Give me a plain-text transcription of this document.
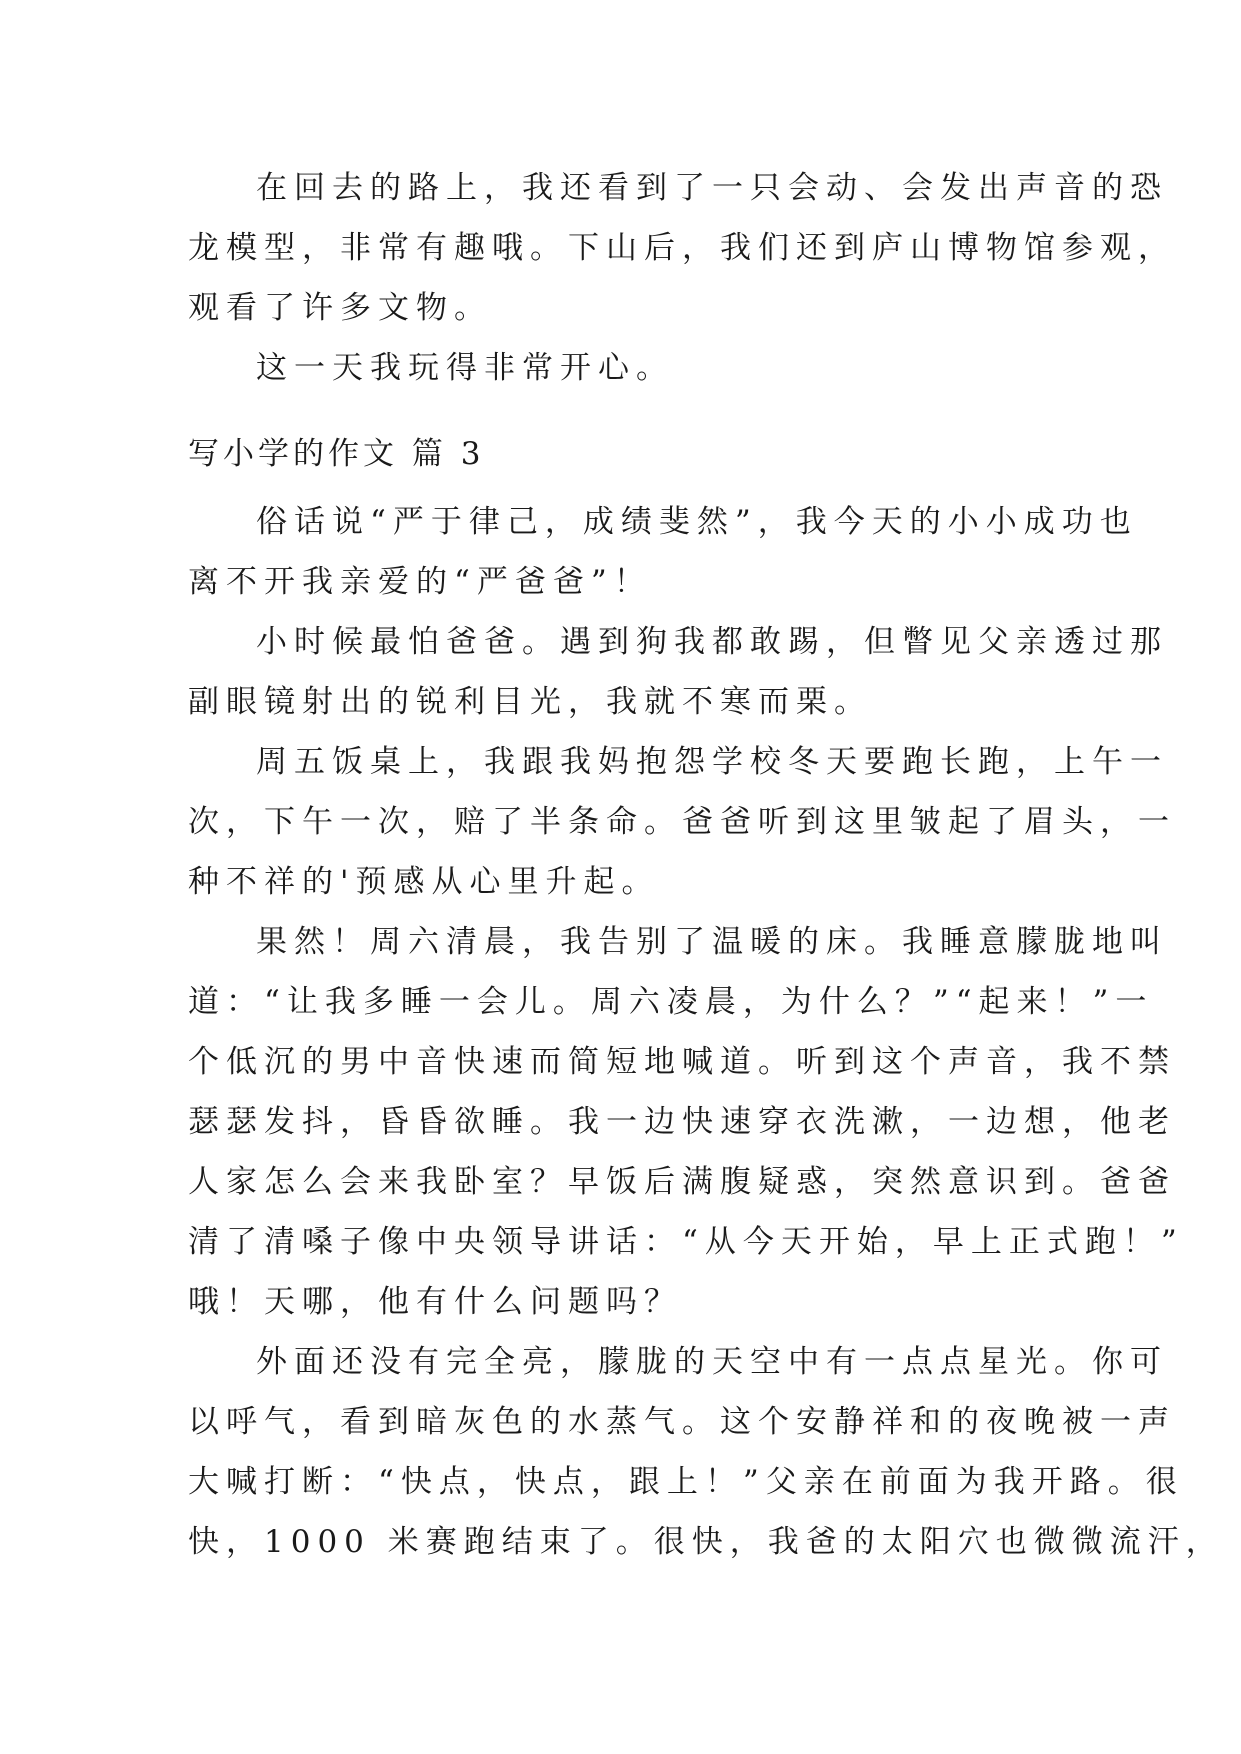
在回去的路上，我还看到了一只会动、会发出声音的恐
龙模型，非常有趣哦。下山后，我们还到庐山博物馆参观，
观看了许多文物。
这一天我玩得非常开心。
写小学的作文 篇 3
俗话说“严于律己，成绩斐然”，我今天的小小成功也
离不开我亲爱的“严爸爸”！
小时候最怕爸爸。遇到狗我都敢踢，但瞥见父亲透过那
副眼镜射出的锐利目光，我就不寒而栗。
周五饭桌上，我跟我妈抱怨学校冬天要跑长跑，上午一
次，下午一次，赔了半条命。爸爸听到这里皱起了眉头，一
种不祥的'预感从心里升起。
果然！周六清晨，我告别了温暖的床。我睡意朦胧地叫
道：“让我多睡一会儿。周六凌晨，为什么？”“起来！”一
个低沉的男中音快速而简短地喊道。听到这个声音，我不禁
瑟瑟发抖，昏昏欲睡。我一边快速穿衣洗漱，一边想，他老
人家怎么会来我卧室？早饭后满腹疑惑，突然意识到。爸爸
清了清嗓子像中央领导讲话：“从今天开始，早上正式跑！”
哦！天哪，他有什么问题吗？
外面还没有完全亮，朦胧的天空中有一点点星光。你可
以呼气，看到暗灰色的水蒸气。这个安静祥和的夜晚被一声
大喊打断：“快点，快点，跟上！”父亲在前面为我开路。很
快，1000 米赛跑结束了。很快，我爸的太阳穴也微微流汗，
